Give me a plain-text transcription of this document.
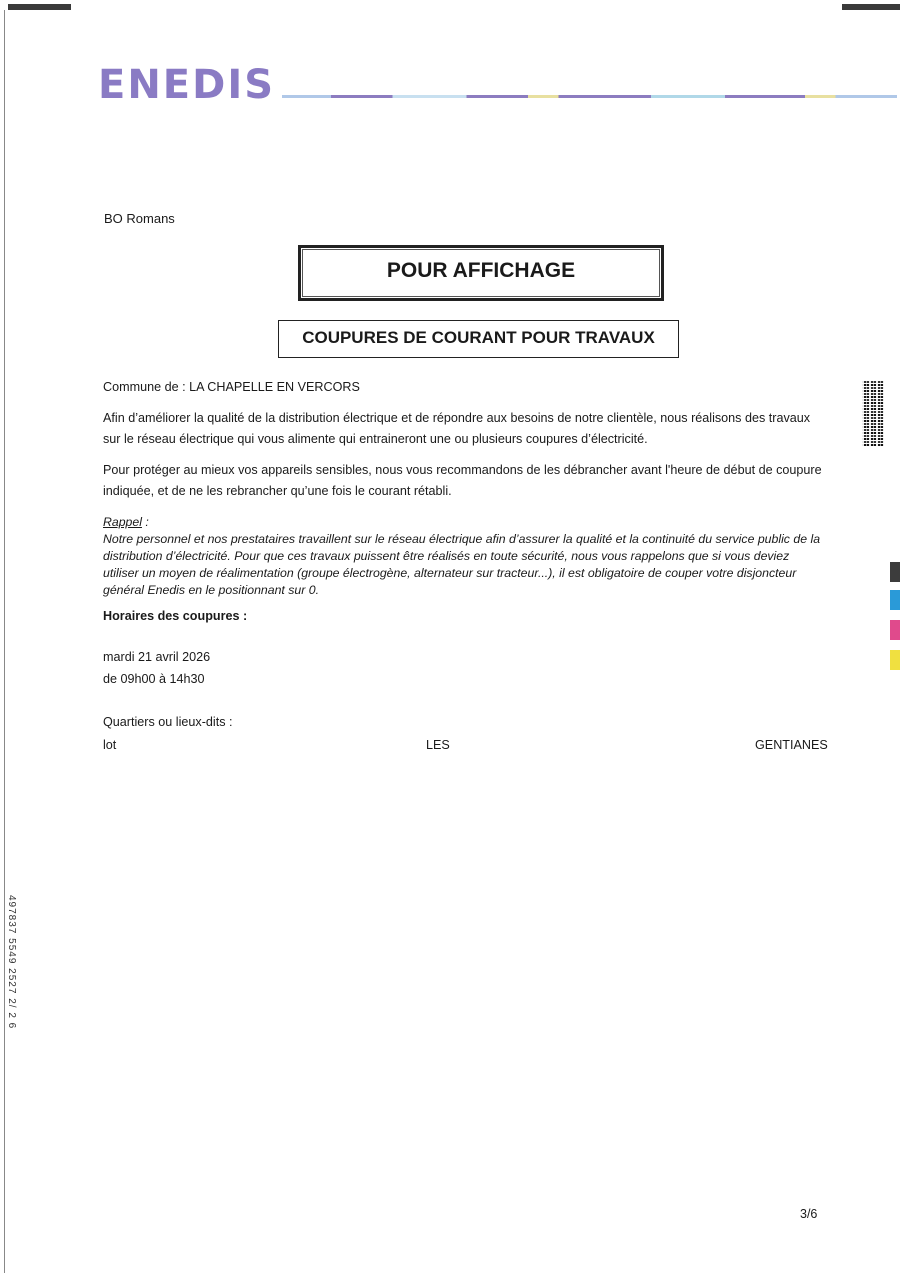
ENEDIS
BO Romans
POUR AFFICHAGE
COUPURES DE COURANT POUR TRAVAUX
Commune de : LA CHAPELLE EN VERCORS
Afin d’améliorer la qualité de la distribution électrique et de répondre aux besoins de notre clientèle, nous réalisons des travaux sur le réseau électrique qui vous alimente qui entraineront une ou plusieurs coupures d’électricité.
Pour protéger au mieux vos appareils sensibles, nous vous recommandons de les débrancher avant l'heure de début de coupure indiquée, et de ne les rebrancher qu’une fois le courant rétabli.
Rappel :
Notre personnel et nos prestataires travaillent sur le réseau électrique afin d’assurer la qualité et la continuité du service public de la distribution d’électricité. Pour que ces travaux puissent être réalisés en toute sécurité, nous vous rappelons que si vous deviez utiliser un moyen de réalimentation (groupe électrogène, alternateur sur tracteur...), il est obligatoire de couper votre disjoncteur général Enedis en le positionnant sur 0.
Horaires des coupures :
mardi 21 avril 2026
de 09h00 à 14h30
Quartiers ou lieux-dits :
lot	LES	GENTIANES
497837 5549 2527 2/ 2 6
3/6
